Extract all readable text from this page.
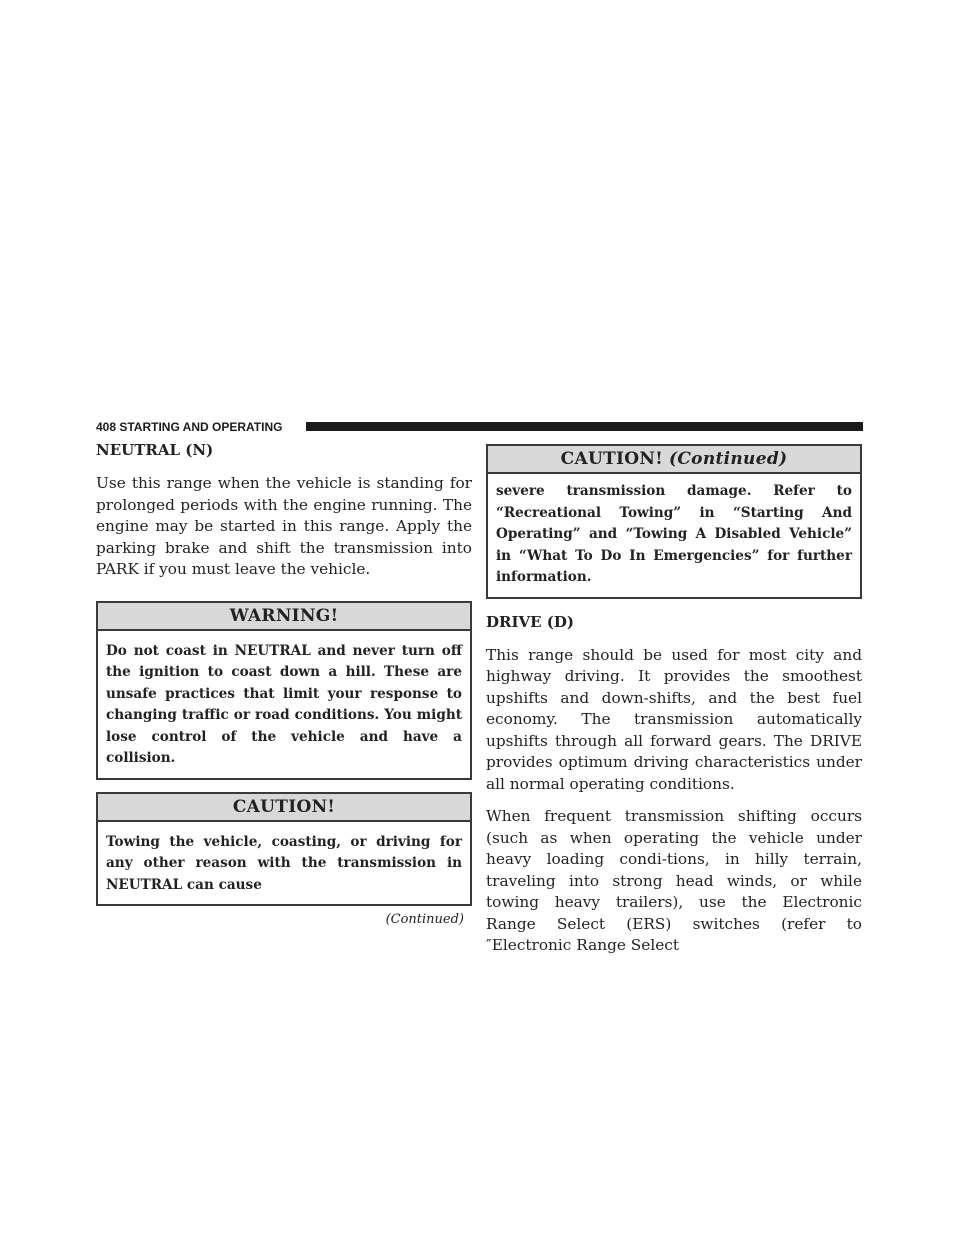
408 STARTING AND OPERATING
NEUTRAL (N)

Use this range when the vehicle is standing for prolonged periods with the engine running. The engine may be started in this range. Apply the parking brake and shift the transmission into PARK if you must leave the vehicle.

WARNING!
Do not coast in NEUTRAL and never turn off the ignition to coast down a hill. These are unsafe practices that limit your response to changing traffic or road conditions. You might lose control of the vehicle and have a collision.
CAUTION!
Towing the vehicle, coasting, or driving for any other reason with the transmission in NEUTRAL can cause
(Continued)
CAUTION! (Continued)
severe transmission damage. Refer to “Recreational Towing” in “Starting And Operating” and “Towing A Disabled Vehicle” in “What To Do In Emergencies” for further information.
DRIVE (D)

This range should be used for most city and highway driving. It provides the smoothest upshifts and down-shifts, and the best fuel economy. The transmission automatically upshifts through all forward gears. The DRIVE provides optimum driving characteristics under all normal operating conditions.

When frequent transmission shifting occurs (such as when operating the vehicle under heavy loading condi-tions, in hilly terrain, traveling into strong head winds, or while towing heavy trailers), use the Electronic Range Select (ERS) switches (refer to ″Electronic Range Select
